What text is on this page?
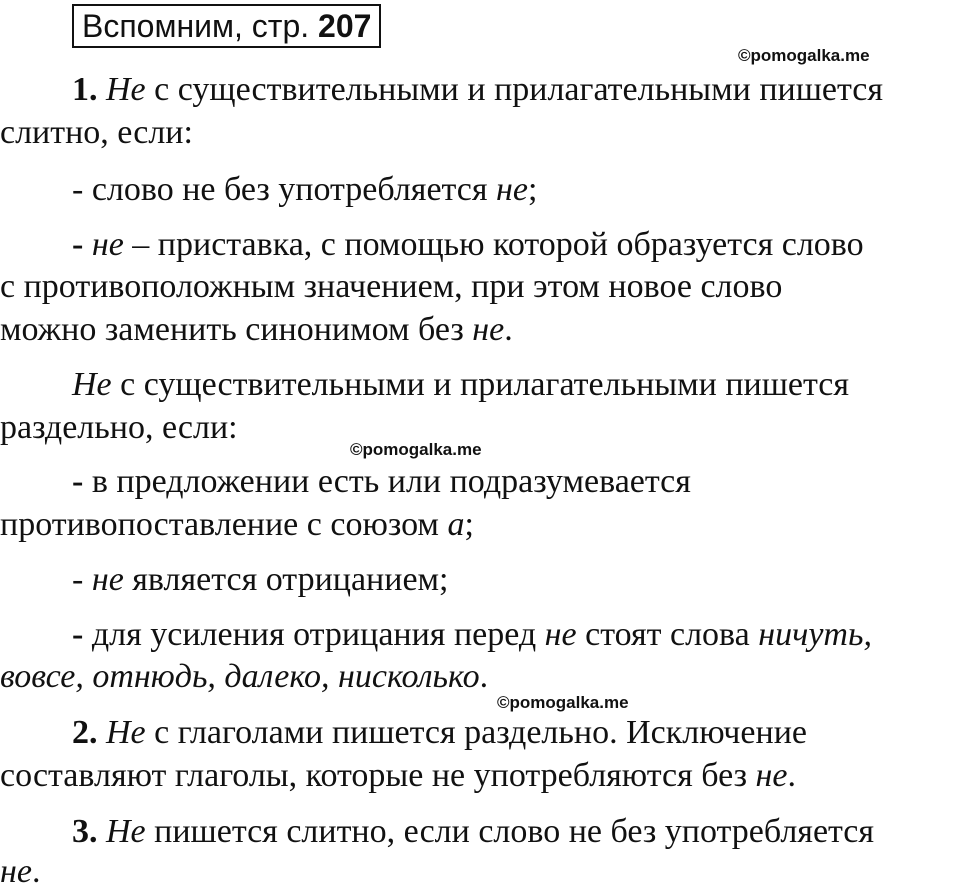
Вспомним, стр. 207
©pomogalka.me
©pomogalka.me
©pomogalka.me
1. Не с существительными и прилагательными пишется
слитно, если:
- слово не без употребляется не;
- не – приставка, с помощью которой образуется слово
с противоположным значением, при этом новое слово
можно заменить синонимом без не.
Не с существительными и прилагательными пишется
раздельно, если:
- в предложении есть или подразумевается
противопоставление с союзом а;
- не является отрицанием;
- для усиления отрицания перед не стоят слова ничуть,
вовсе, отнюдь, далеко, нисколько.
2. Не с глаголами пишется раздельно. Исключение
составляют глаголы, которые не употребляются без не.
3. Не пишется слитно, если слово не без употребляется
не.
